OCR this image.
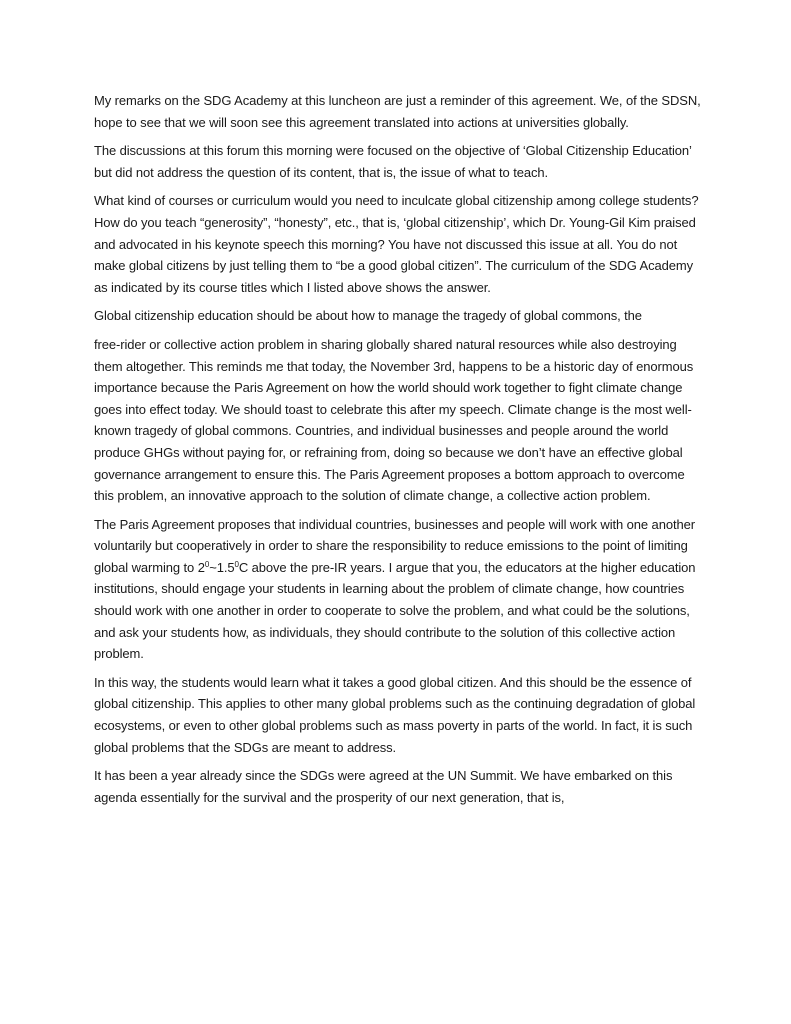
My remarks on the SDG Academy at this luncheon are just a reminder of this agreement. We, of the SDSN, hope to see that we will soon see this agreement translated into actions at universities globally.

The discussions at this forum this morning were focused on the objective of ‘Global Citizenship Education’ but did not address the question of its content, that is, the issue of what to teach.

What kind of courses or curriculum would you need to inculcate global citizenship among college students? How do you teach “generosity”, “honesty”, etc., that is, ‘global citizenship’, which Dr. Young-Gil Kim praised and advocated in his keynote speech this morning? You have not discussed this issue at all. You do not make global citizens by just telling them to “be a good global citizen”. The curriculum of the SDG Academy as indicated by its course titles which I listed above shows the answer.

Global citizenship education should be about how to manage the tragedy of global commons, the

free-rider or collective action problem in sharing globally shared natural resources while also destroying them altogether. This reminds me that today, the November 3rd, happens to be a historic day of enormous importance because the Paris Agreement on how the world should work together to fight climate change goes into effect today. We should toast to celebrate this after my speech. Climate change is the most well-known tragedy of global commons. Countries, and individual businesses and people around the world produce GHGs without paying for, or refraining from, doing so because we don’t have an effective global governance arrangement to ensure this. The Paris Agreement proposes a bottom approach to overcome this problem, an innovative approach to the solution of climate change, a collective action problem.

The Paris Agreement proposes that individual countries, businesses and people will work with one another voluntarily but cooperatively in order to share the responsibility to reduce emissions to the point of limiting global warming to $2^0\sim 1.5^0C$ above the pre-IR years. I argue that you, the educators at the higher education institutions, should engage your students in learning about the problem of climate change, how countries should work with one another in order to cooperate to solve the problem, and what could be the solutions, and ask your students how, as individuals, they should contribute to the solution of this collective action problem.

In this way, the students would learn what it takes a good global citizen. And this should be the essence of global citizenship. This applies to other many global problems such as the continuing degradation of global ecosystems, or even to other global problems such as mass poverty in parts of the world. In fact, it is such global problems that the SDGs are meant to address.

It has been a year already since the SDGs were agreed at the UN Summit. We have embarked on this agenda essentially for the survival and the prosperity of our next generation, that is,
